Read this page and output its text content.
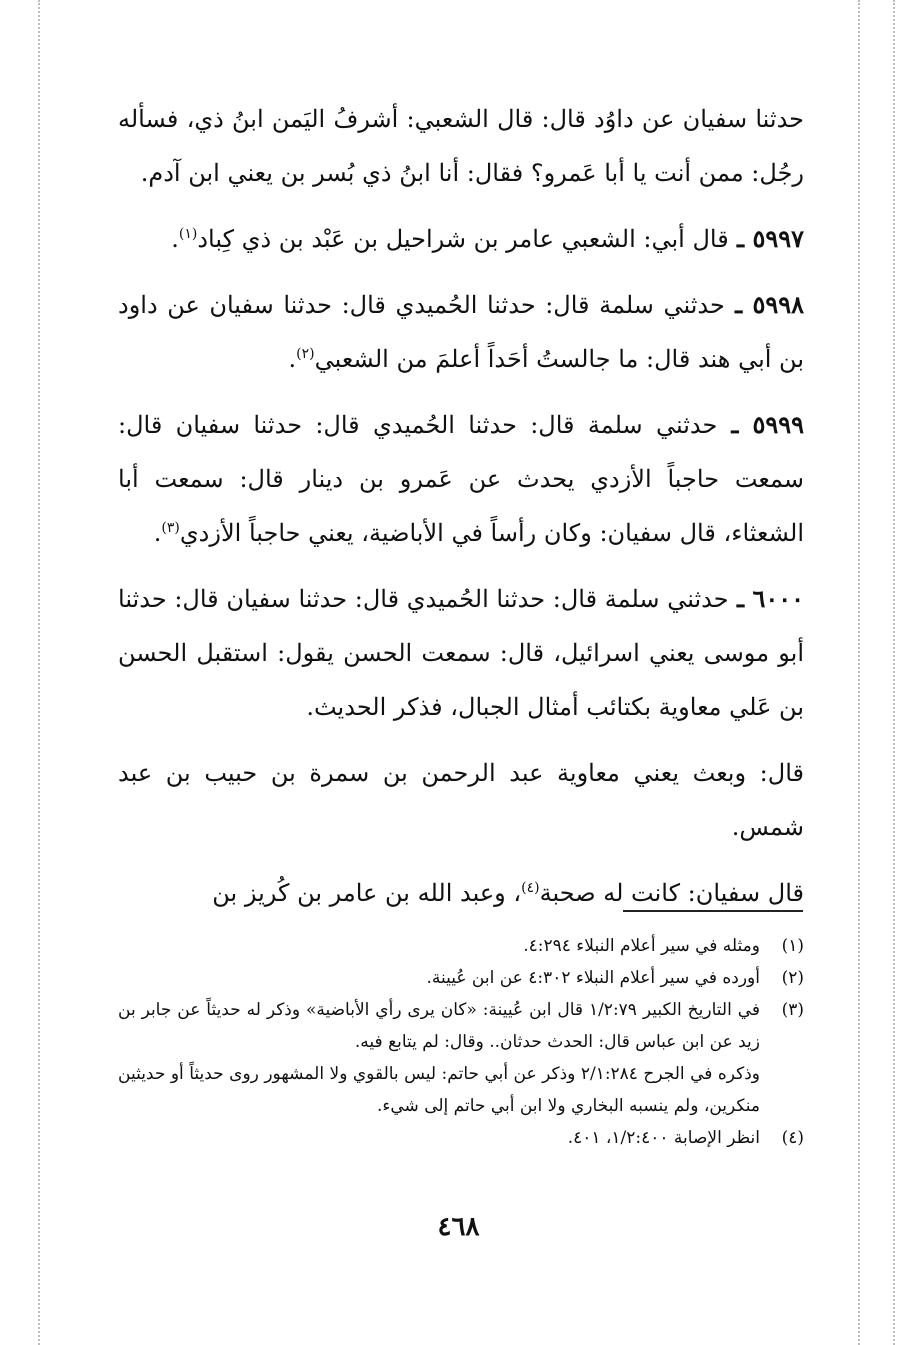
حدثنا سفيان عن داوُد قال: قال الشعبي: أشرفُ اليَمن ابنُ ذي، فسأله رجُل: ممن أنت يا أبا عَمرو؟ فقال: أنا ابنُ ذي بُسر بن يعني ابن آدم.

٥٩٩٧ ـ قال أبي: الشعبي عامر بن شراحيل بن عَبْد بن ذي كِباد$^{(١)}$.

٥٩٩٨ ـ حدثني سلمة قال: حدثنا الحُميدي قال: حدثنا سفيان عن داود بن أبي هند قال: ما جالستُ أحَداً أعلمَ من الشعبي$^{(٢)}$.

٥٩٩٩ ـ حدثني سلمة قال: حدثنا الحُميدي قال: حدثنا سفيان قال: سمعت حاجباً الأزدي يحدث عن عَمرو بن دينار قال: سمعت أبا الشعثاء، قال سفيان: وكان رأساً في الأباضية، يعني حاجباً الأزدي$^{(٣)}$.

٦٠٠٠ ـ حدثني سلمة قال: حدثنا الحُميدي قال: حدثنا سفيان قال: حدثنا أبو موسى يعني اسرائيل، قال: سمعت الحسن يقول: استقبل الحسن بن عَلي معاوية بكتائب أمثال الجبال، فذكر الحديث.

قال: وبعث يعني معاوية عبد الرحمن بن سمرة بن حبيب بن عبد شمس.

قال سفيان: كانت له صحبة$^{(٤)}$، وعبد الله بن عامر بن كُريز بن

(١)
ومثله في سير أعلام النبلاء ٤:٢٩٤.
(٢)
أورده في سير أعلام النبلاء ٤:٣٠٢ عن ابن عُيينة.
(٣)
في التاريخ الكبير ١/٢:٧٩ قال ابن عُيينة: «كان يرى رأي الأباضية» وذكر له حديثاً عن جابر بن زيد عن ابن عباس قال: الحدث حدثان.. وقال: لم يتابع فيه.
وذكره في الجرح ٢/١:٢٨٤ وذكر عن أبي حاتم: ليس بالقوي ولا المشهور روى حديثاً أو حديثين منكرين، ولم ينسبه البخاري ولا ابن أبي حاتم إلى شيء.
(٤)
انظر الإصابة ١/٢:٤٠٠، ٤٠١.
٤٦٨
